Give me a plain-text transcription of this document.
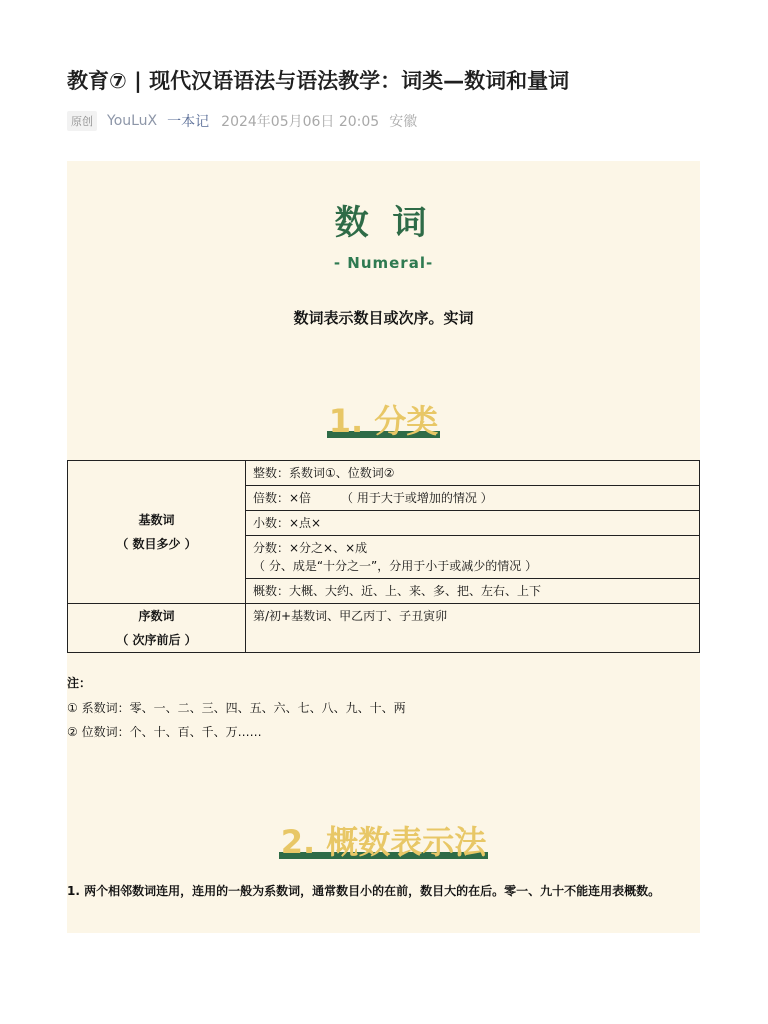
教育⑦ | 现代汉语语法与语法教学：词类—数词和量词
原创 YouLuX 一本记 2024年05月06日 20:05 安徽
数 词
- Numeral-
数词表示数目或次序。实词
1. 分类
基数词
（ 数目多少 ）	整数：系数词①、位数词②
	倍数：×倍　　　（ 用于大于或增加的情况 ）
	小数：×点×

	分数：×分之×、×成
（ 分、成是“十分之一”，分用于小于或减少的情况 ）

	概数：大概、大约、近、上、来、多、把、左右、上下
序数词
（ 次序前后 ）	第/初+基数词、甲乙丙丁、子丑寅卯
注：
① 系数词：零、一、二、三、四、五、六、七、八、九、十、两
② 位数词：个、十、百、千、万……
2. 概数表示法
1. 两个相邻数词连用，连用的一般为系数词，通常数目小的在前，数目大的在后。零一、九十不能连用表概数。
